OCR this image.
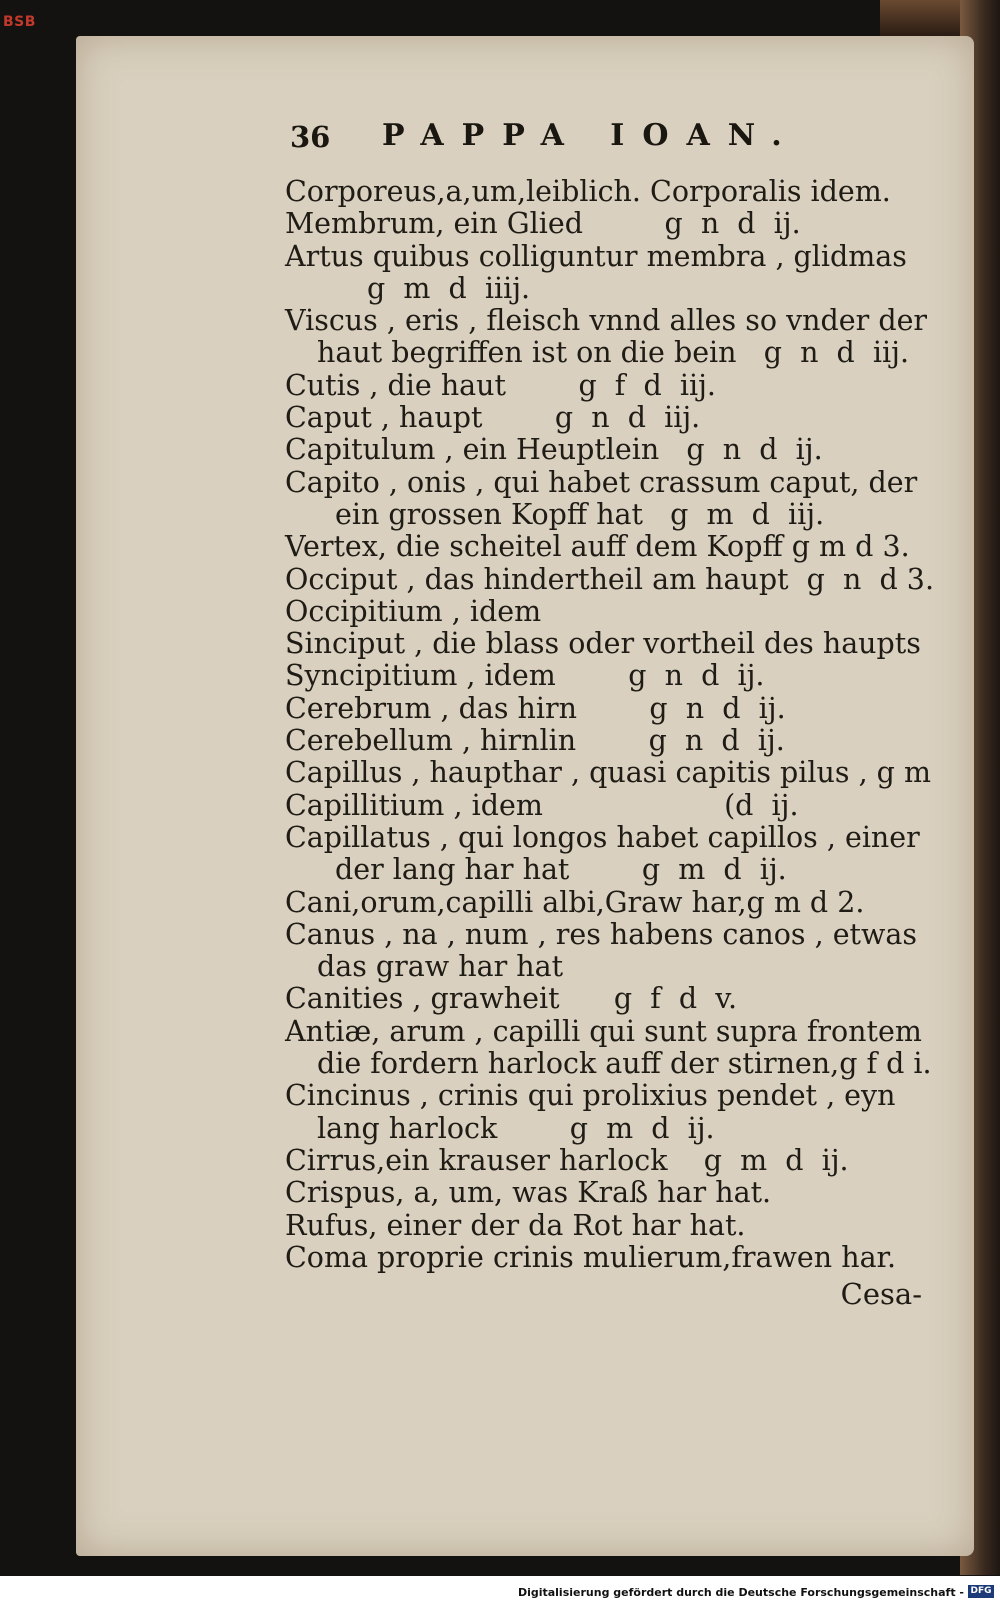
BSB
36 PAPPA IOAN.
Corporeus,a,um,leiblich. Corporalis idem.
Membrum, ein Glied         g  n  d  ij.
Artus quibus colliguntur membra , glidmas
g  m  d  iiij.
Viscus , eris , fleisch vnnd alles so vnder der
haut begriffen ist on die bein   g  n  d  iij.
Cutis , die haut        g  f  d  iij.
Caput , haupt        g  n  d  iij.
Capitulum , ein Heuptlein   g  n  d  ij.
Capito , onis , qui habet crassum caput, der
ein grossen Kopff hat   g  m  d  iij.
Vertex, die scheitel auff dem Kopff g m d 3.
Occiput , das hindertheil am haupt  g  n  d 3.
Occipitium , idem
Sinciput , die blass oder vortheil des haupts
Syncipitium , idem        g  n  d  ij.
Cerebrum , das hirn        g  n  d  ij.
Cerebellum , hirnlin        g  n  d  ij.
Capillus , haupthar , quasi capitis pilus , g m
Capillitium , idem                    (d  ij.
Capillatus , qui longos habet capillos , einer
der lang har hat        g  m  d  ij.
Cani,orum,capilli albi,Graw har,g m d 2.
Canus , na , num , res habens canos , etwas
das graw har hat
Canities , grawheit      g  f  d  v.
Antiæ, arum , capilli qui sunt supra frontem
die fordern harlock auff der stirnen,g f d i.
Cincinus , crinis qui prolixius pendet , eyn
lang harlock        g  m  d  ij.
Cirrus,ein krauser harlock    g  m  d  ij.
Crispus, a, um, was Kraß har hat.
Rufus, einer der da Rot har hat.
Coma proprie crinis mulierum,frawen har.
Cesa-
Digitalisierung gefördert durch die Deutsche Forschungsgemeinschaft - DFG
